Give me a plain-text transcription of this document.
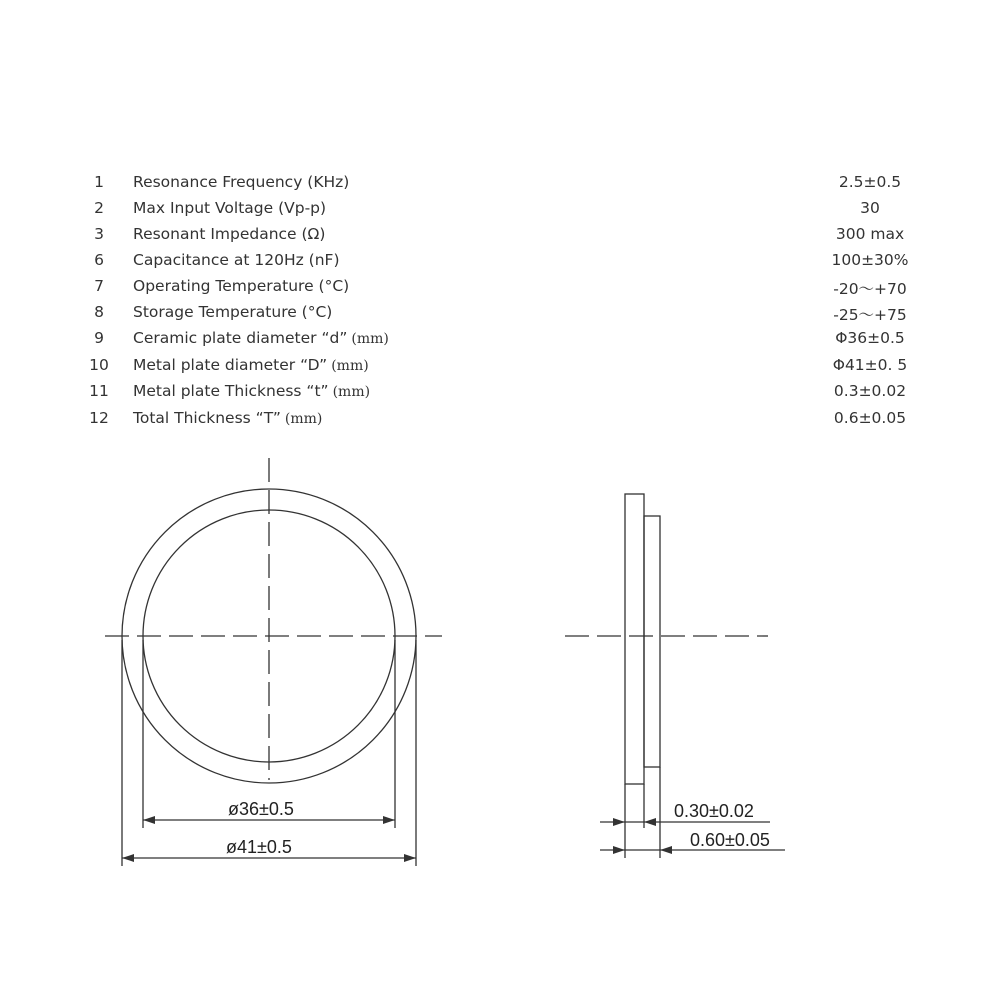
1	Resonance Frequency (KHz)	2.5±0.5
2	Max Input Voltage (Vp-p)	30
3	Resonant Impedance (Ω)	300 max
6	Capacitance at 120Hz (nF)	100±30%
7	Operating Temperature (°C)	-20～+70
8	Storage Temperature (°C)	-25～+75
9	Ceramic plate diameter “d” (mm)	Φ36±0.5
10	Metal plate diameter “D” (mm)	Φ41±0. 5
11	Metal plate Thickness “t” (mm)	0.3±0.02
12	Total Thickness “T” (mm)	0.6±0.05
ø36±0.5
ø41±0.5
0.30±0.02
0.60±0.05
